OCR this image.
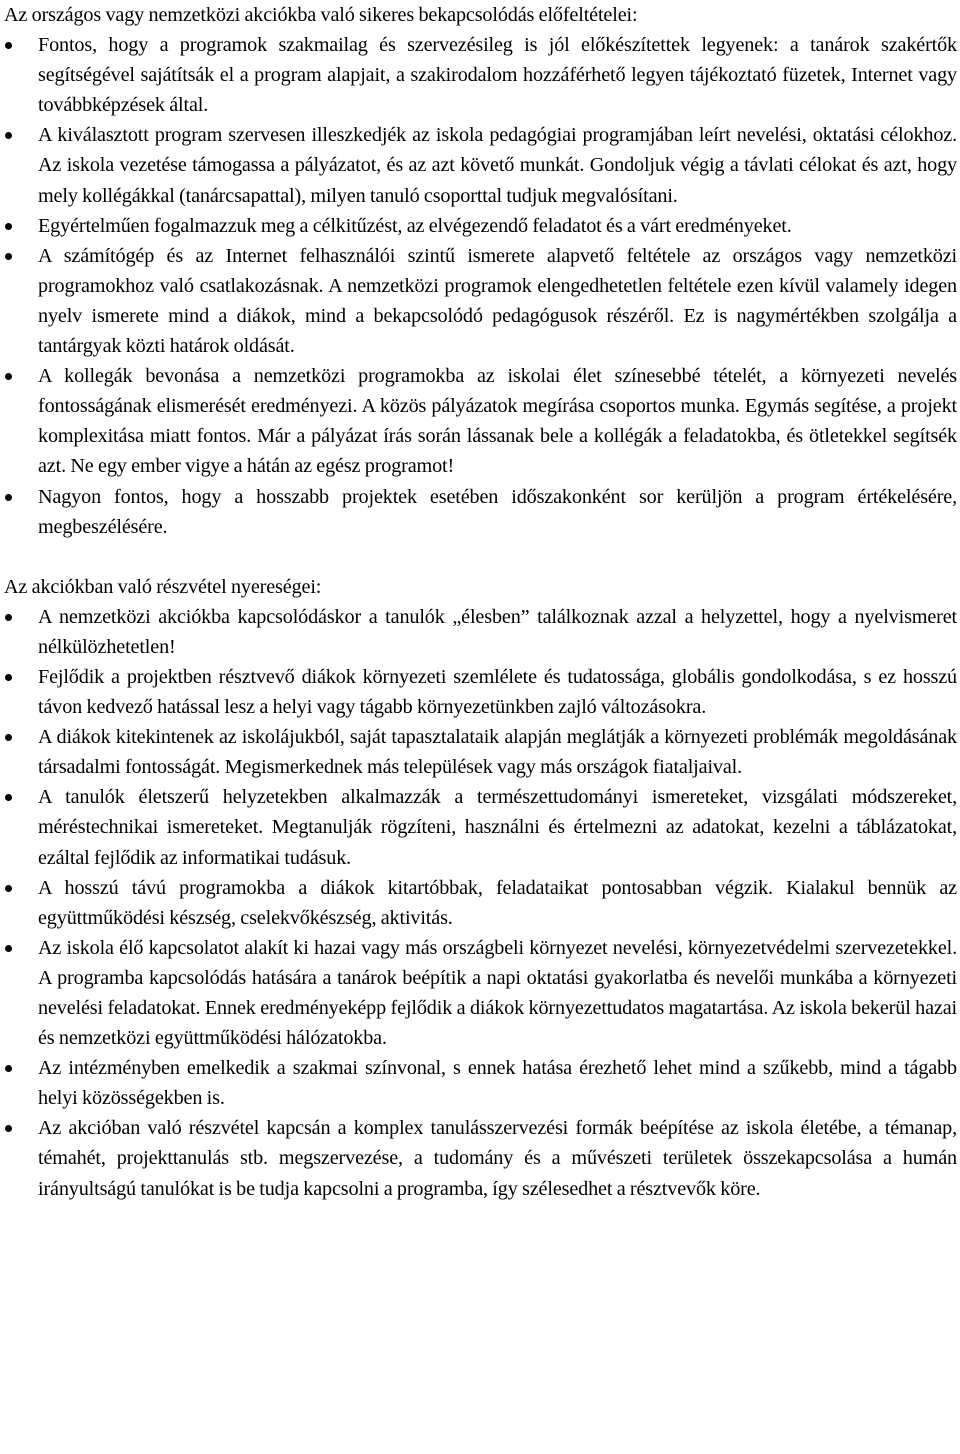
Az országos vagy nemzetközi akciókba való sikeres bekapcsolódás előfeltételei:

Fontos, hogy a programok szakmailag és szervezésileg is jól előkészítettek legyenek: a tanárok szakértők segítségével sajátítsák el a program alapjait, a szakirodalom hozzáférhető legyen tájékoztató füzetek, Internet vagy továbbképzések által.
A kiválasztott program szervesen illeszkedjék az iskola pedagógiai programjában leírt nevelési, oktatási célokhoz. Az iskola vezetése támogassa a pályázatot, és az azt követő munkát. Gondoljuk végig a távlati célokat és azt, hogy mely kollégákkal (tanárcsapattal), milyen tanuló csoporttal tudjuk megvalósítani.
Egyértelműen fogalmazzuk meg a célkitűzést, az elvégezendő feladatot és a várt eredményeket.
A számítógép és az Internet felhasználói szintű ismerete alapvető feltétele az országos vagy nemzetközi programokhoz való csatlakozásnak. A nemzetközi programok elengedhetetlen feltétele ezen kívül valamely idegen nyelv ismerete mind a diákok, mind a bekapcsolódó pedagógusok részéről. Ez is nagymértékben szolgálja a tantárgyak közti határok oldását.
A kollegák bevonása a nemzetközi programokba az iskolai élet színesebbé tételét, a környezeti nevelés fontosságának elismerését eredményezi. A közös pályázatok megírása csoportos munka. Egymás segítése, a projekt komplexitása miatt fontos. Már a pályázat írás során lássanak bele a kollégák a feladatokba, és ötletekkel segítsék azt. Ne egy ember vigye a hátán az egész programot!
Nagyon fontos, hogy a hosszabb projektek esetében időszakonként sor kerüljön a program értékelésére, megbeszélésére.

Az akciókban való részvétel nyereségei:

A nemzetközi akciókba kapcsolódáskor a tanulók „élesben” találkoznak azzal a helyzettel, hogy a nyelvismeret nélkülözhetetlen!
Fejlődik a projektben résztvevő diákok környezeti szemlélete és tudatossága, globális gondolkodása, s ez hosszú távon kedvező hatással lesz a helyi vagy tágabb környezetünkben zajló változásokra.
A diákok kitekintenek az iskolájukból, saját tapasztalataik alapján meglátják a környezeti problémák megoldásának társadalmi fontosságát. Megismerkednek más települések vagy más országok fiataljaival.
A tanulók életszerű helyzetekben alkalmazzák a természettudományi ismereteket, vizsgálati módszereket, méréstechnikai ismereteket. Megtanulják rögzíteni, használni és értelmezni az adatokat, kezelni a táblázatokat, ezáltal fejlődik az informatikai tudásuk.
A hosszú távú programokba a diákok kitartóbbak, feladataikat pontosabban végzik. Kialakul bennük az együttműködési készség, cselekvőkészség, aktivitás.
Az iskola élő kapcsolatot alakít ki hazai vagy más országbeli környezet nevelési, környezetvédelmi szervezetekkel. A programba kapcsolódás hatására a tanárok beépítik a napi oktatási gyakorlatba és nevelői munkába a környezeti nevelési feladatokat. Ennek eredményeképp fejlődik a diákok környezettudatos magatartása. Az iskola bekerül hazai és nemzetközi együttműködési hálózatokba.
Az intézményben emelkedik a szakmai színvonal, s ennek hatása érezhető lehet mind a szűkebb, mind a tágabb helyi közösségekben is.
Az akcióban való részvétel kapcsán a komplex tanulásszervezési formák beépítése az iskola életébe, a témanap, témahét, projekttanulás stb. megszervezése, a tudomány és a művészeti területek összekapcsolása a humán irányultságú tanulókat is be tudja kapcsolni a programba, így szélesedhet a résztvevők köre.
